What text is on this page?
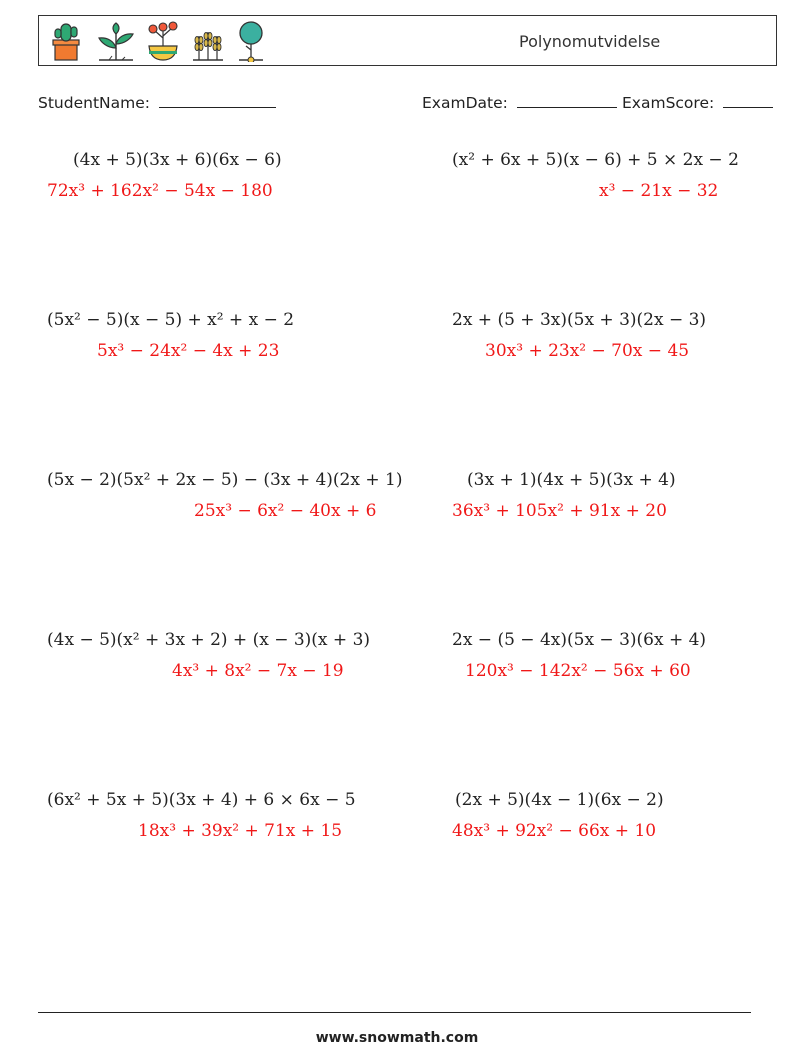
Polynomutvidelse
StudentName:	ExamDate:	ExamScore:
(4x + 5)(3x + 6)(6x − 6)
72x³ + 162x² − 54x − 180
(x² + 6x + 5)(x − 6) + 5 × 2x − 2
x³ − 21x − 32
(5x² − 5)(x − 5) + x² + x − 2
5x³ − 24x² − 4x + 23
2x + (5 + 3x)(5x + 3)(2x − 3)
30x³ + 23x² − 70x − 45
(5x − 2)(5x² + 2x − 5) − (3x + 4)(2x + 1)
25x³ − 6x² − 40x + 6
(3x + 1)(4x + 5)(3x + 4)
36x³ + 105x² + 91x + 20
(4x − 5)(x² + 3x + 2) + (x − 3)(x + 3)
4x³ + 8x² − 7x − 19
2x − (5 − 4x)(5x − 3)(6x + 4)
120x³ − 142x² − 56x + 60
(6x² + 5x + 5)(3x + 4) + 6 × 6x − 5
18x³ + 39x² + 71x + 15
(2x + 5)(4x − 1)(6x − 2)
48x³ + 92x² − 66x + 10
www.snowmath.com
